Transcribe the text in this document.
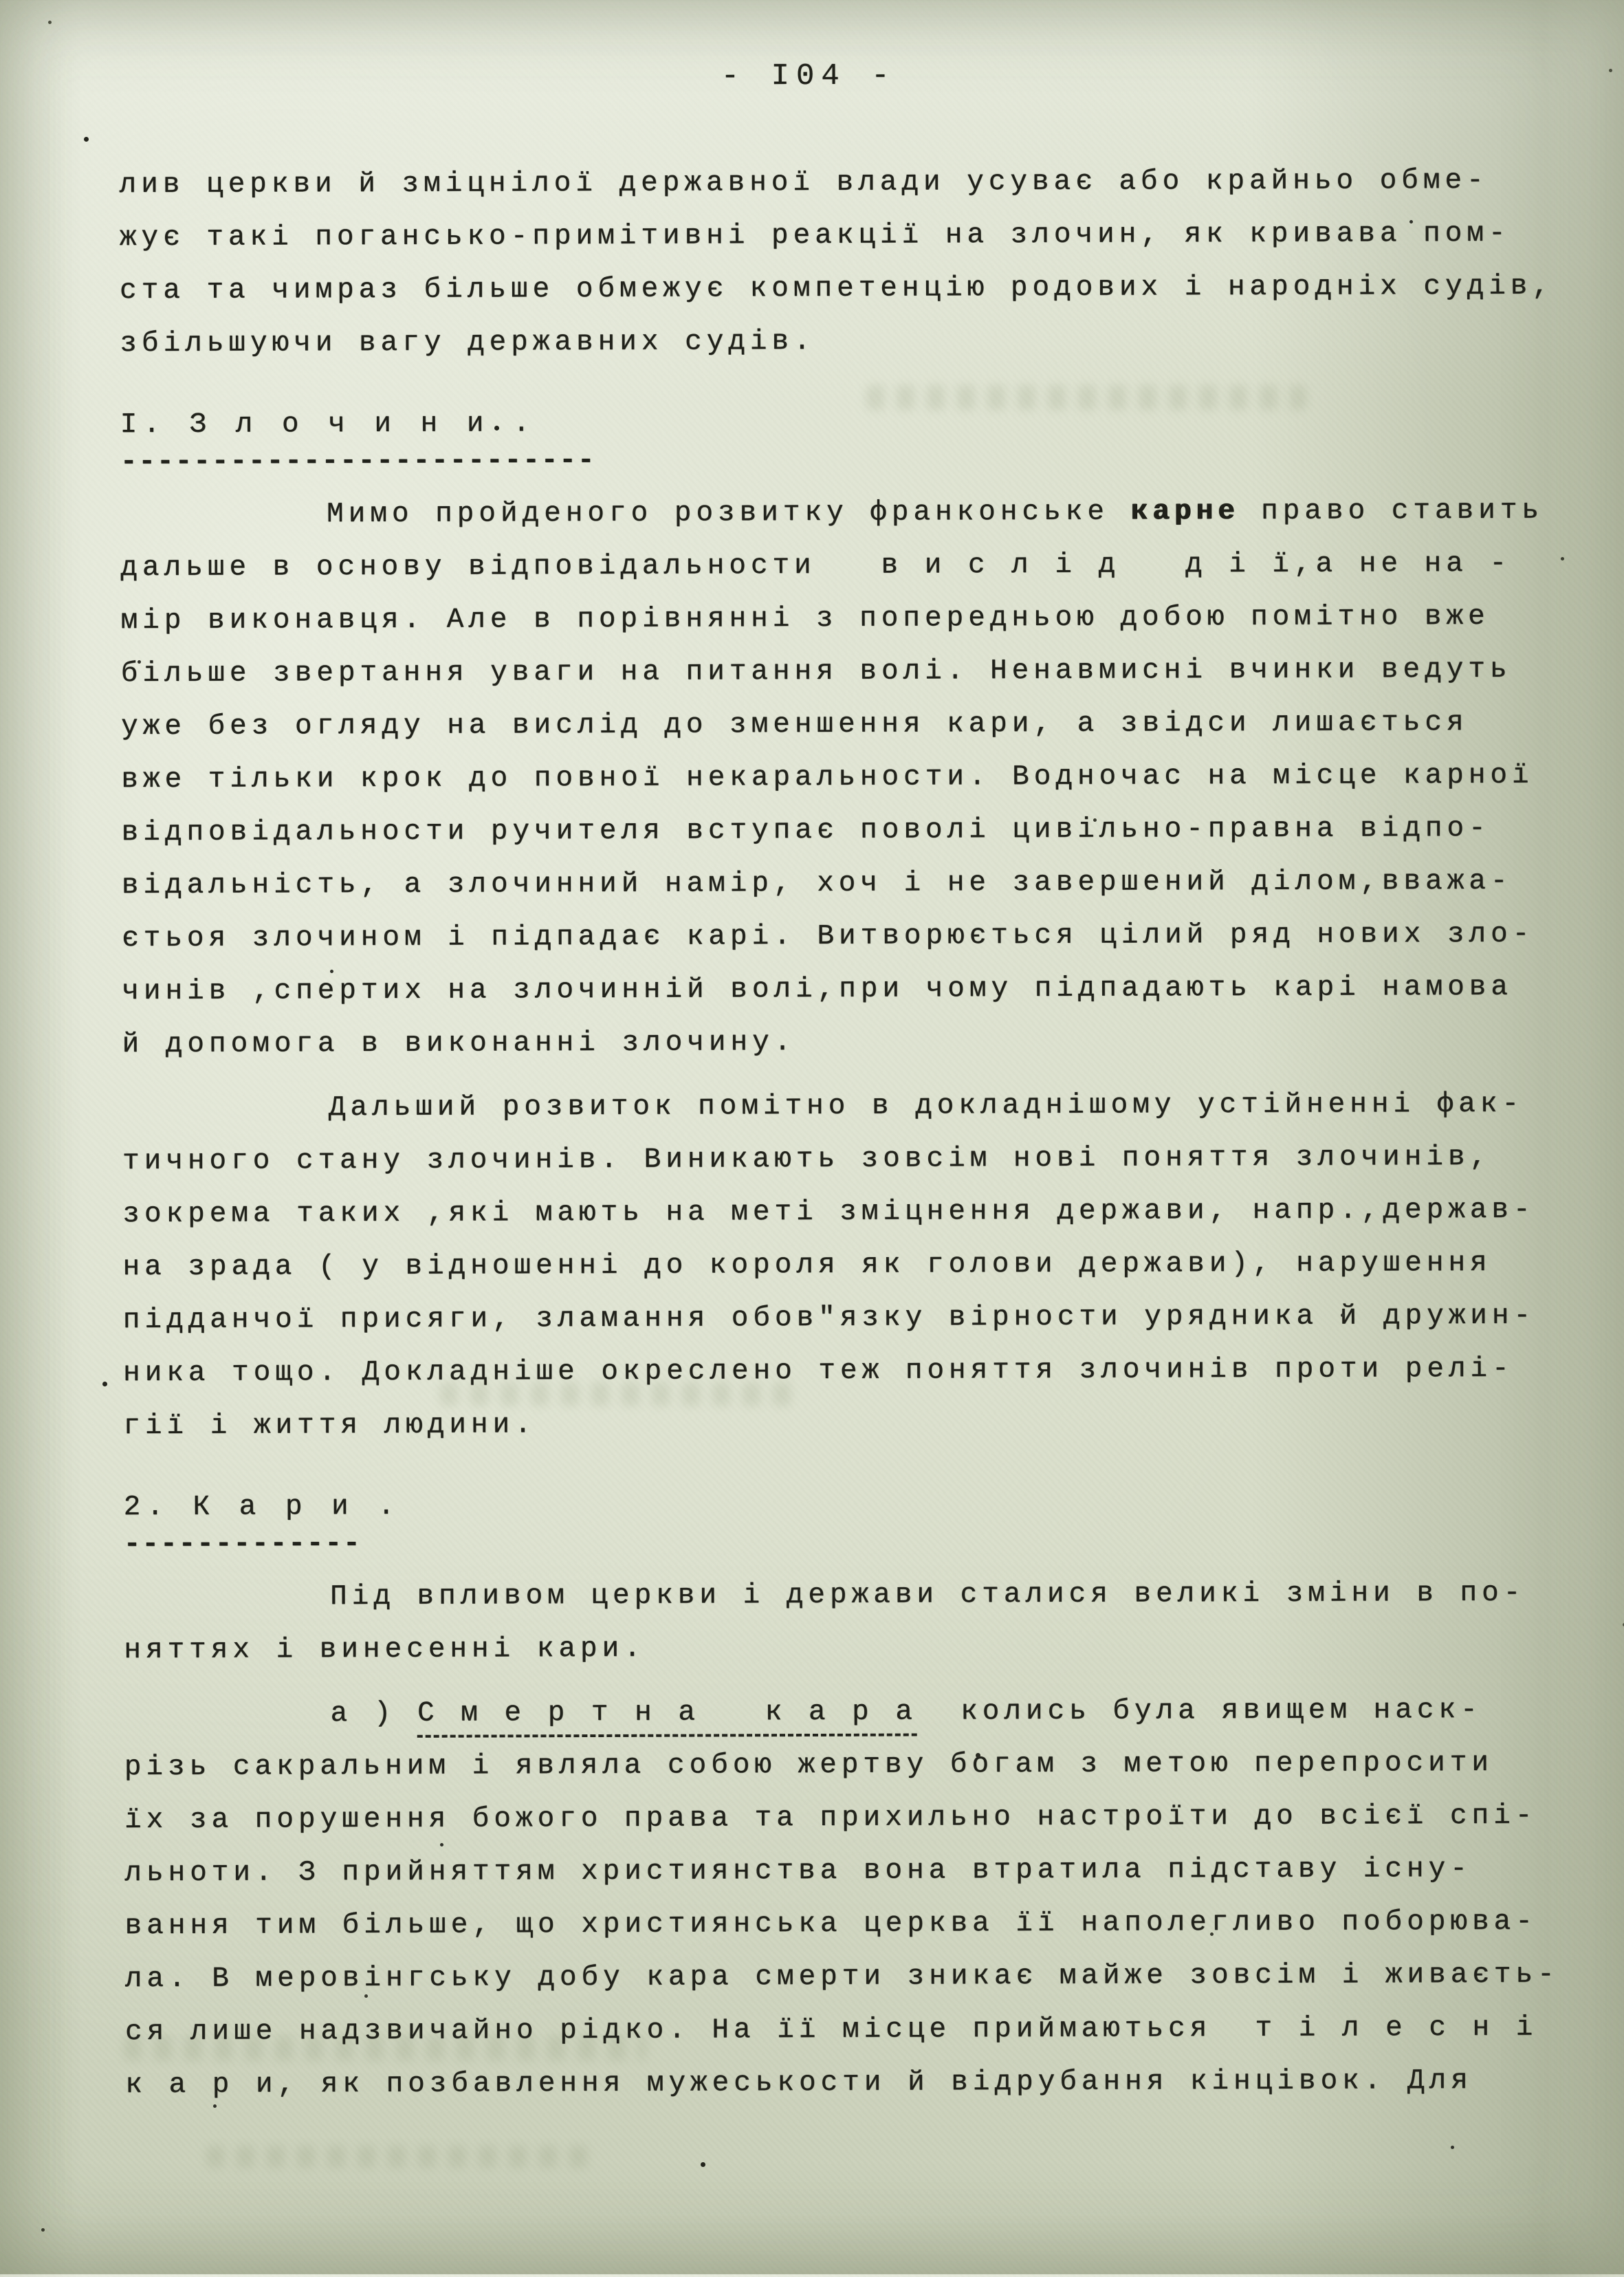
- І04 -
лив церкви й зміцнілої державної влади усуває або крайньо обме-
жує такі погансько-примітивні реакції на злочин, як кривава пом-
ста та чимраз більше обмежує компетенцію родових і народніх судів,
збільшуючи вагу державних судів.
І. З л о ч и н и .
--------------------------
Мимо пройденого розвитку франконське карне право ставить
дальше в основу відповідальности   в и с л і д   д і ї,а не на -
мір виконавця. Але в порівнянні з попередньою добою помітно вже
більше звертання уваги на питання волі. Ненавмисні вчинки ведуть
уже без огляду на вислід до зменшення кари, а звідси лишається
вже тільки крок до повної некаральности. Водночас на місце карної
відповідальности ручителя вступає поволі цивільно-правна відпо-
відальність, а злочинний намір, хоч і не завершений ділом,вважа-
єтьоя злочином і підпадає карі. Витворюється цілий ряд нових зло-
чинів ,спертих на злочинній волі,при чому підпадають карі намова
й допомога в виконанні злочину.
Дальший розвиток помітно в докладнішому устійненні фак-
тичного стану злочинів. Виникають зовсім нові поняття злочинів,
зокрема таких ,які мають на меті зміцнення держави, напр.,держав-
на зрада ( у відношенні до короля як голови держави), нарушення
підданчої присяги, зламання обов"язку вірности урядника й дружин-
ника тощо. Докладніше окреслено теж поняття злочинів проти релі-
гії і життя людини.
2. К а р и .
-------------
Під впливом церкви і держави сталися великі зміни в по-
няттях і винесенні кари.
а ) С м е р т н а   к а р а  колись була явищем наск-
різь сакральним і являла собою жертву богам з метою перепросити
їх за порушення божого права та прихильно настроїти до всієї спі-
льноти. З прийняттям християнства вона втратила підставу існу-
вання тим більше, що християнська церква її наполегливо поборюва-
ла. В меровінгську добу кара смерти зникає майже зовсім і живаєть-
ся лише надзвичайно рідко. На її місце приймаються  т і л е с н і
к а р и, як позбавлення мужеськости й відрубання кінцівок. Для
